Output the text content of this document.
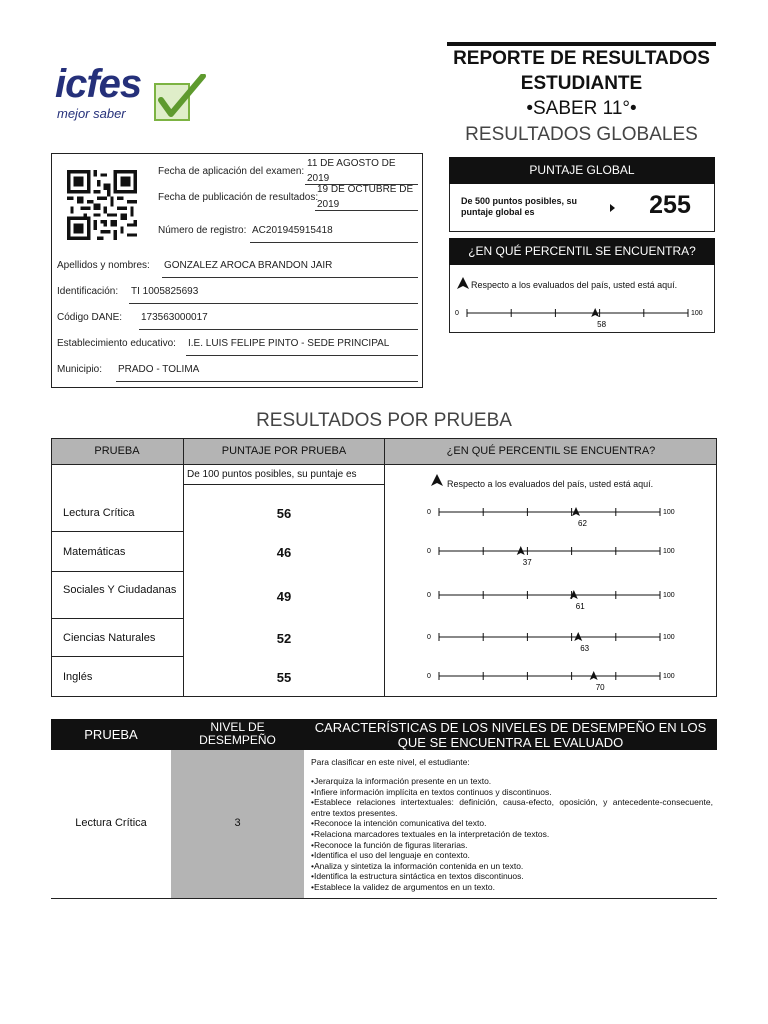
icfes
mejor saber
REPORTE DE RESULTADOS ESTUDIANTE
•SABER 11°•
RESULTADOS GLOBALES
Fecha de aplicación del examen:
11 DE AGOSTO DE
2019
Fecha de publicación de resultados:
19 DE OCTUBRE DE
2019
Número de registro: AC201945915418
Apellidos y nombres: GONZALEZ AROCA BRANDON JAIR
Identificación: TI 1005825693
Código DANE: 173563000017
Establecimiento educativo: I.E. LUIS FELIPE PINTO - SEDE PRINCIPAL
Municipio: PRADO - TOLIMA
PUNTAJE GLOBAL
De 500 puntos posibles, su puntaje global es	255
¿EN QUÉ PERCENTIL SE ENCUENTRA?
Respecto a los evaluados del país, usted está aquí.
0	100
58
RESULTADOS POR PRUEBA
PRUEBA	PUNTAJE POR PRUEBA	¿EN QUÉ PERCENTIL SE ENCUENTRA?
De 100 puntos posibles, su puntaje es
Respecto a los evaluados del país, usted está aquí.
Lectura Crítica	56	0	100
62
Matemáticas	46	0	100
37
Sociales Y Ciudadanas	49	0	100
61
Ciencias Naturales	52	0	100
63
Inglés	55	0	100
70
PRUEBA	NIVEL DE DESEMPEÑO
CARACTERÍSTICAS DE LOS NIVELES DE DESEMPEÑO EN LOS QUE SE ENCUENTRA EL EVALUADO
Lectura Crítica	3
Para clasificar en este nivel, el estudiante:
•Jerarquiza la información presente en un texto.
•Infiere información implícita en textos continuos y discontinuos.
•Establece relaciones intertextuales: definición, causa-efecto, oposición, y antecedente-consecuente, entre textos presentes.
•Reconoce la intención comunicativa del texto.
•Relaciona marcadores textuales en la interpretación de textos.
•Reconoce la función de figuras literarias.
•Identifica el uso del lenguaje en contexto.
•Analiza y sintetiza la información contenida en un texto.
•Identifica la estructura sintáctica en textos discontinuos.
•Establece la validez de argumentos en un texto.
